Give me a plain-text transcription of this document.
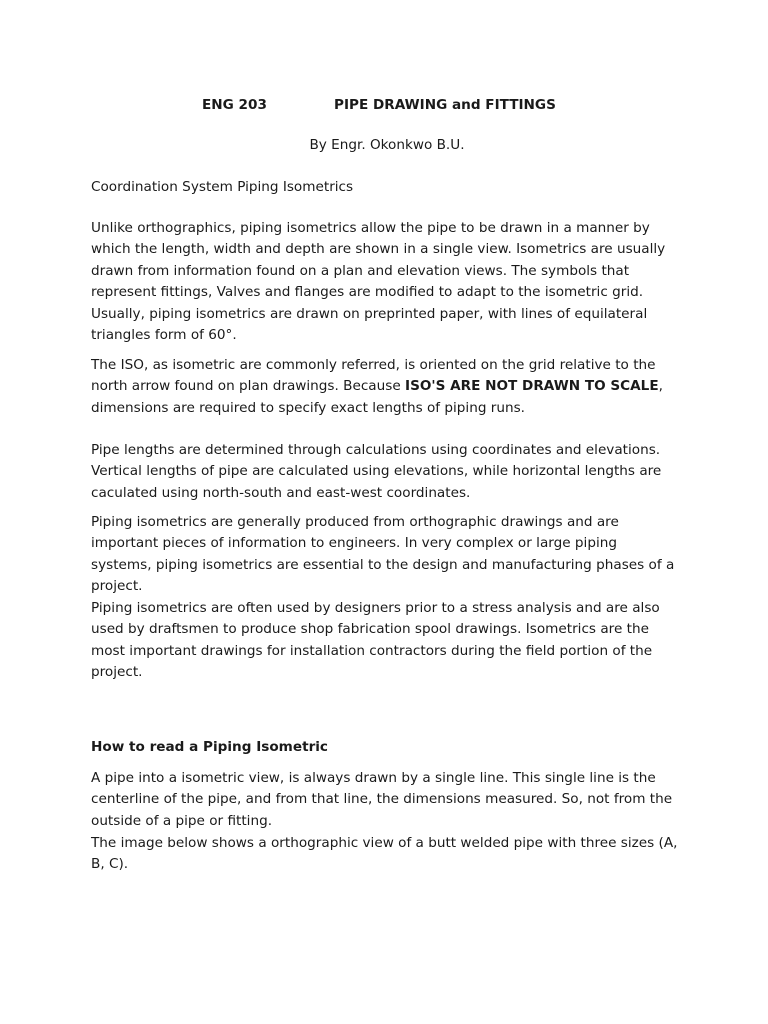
ENG 203	PIPE DRAWING and FITTINGS
By Engr. Okonkwo B.U.

Coordination System Piping Isometrics

Unlike orthographics, piping isometrics allow the pipe to be drawn in a manner by which the length, width and depth are shown in a single view. Isometrics are usually drawn from information found on a plan and elevation views. The symbols that represent fittings, Valves and flanges are modified to adapt to the isometric grid. Usually, piping isometrics are drawn on preprinted paper, with lines of equilateral triangles form of 60°.

The ISO, as isometric are commonly referred, is oriented on the grid relative to the north arrow found on plan drawings. Because ISO'S ARE NOT DRAWN TO SCALE, dimensions are required to specify exact lengths of piping runs.

Pipe lengths are determined through calculations using coordinates and elevations. Vertical lengths of pipe are calculated using elevations, while horizontal lengths are caculated using north-south and east-west coordinates.

Piping isometrics are generally produced from orthographic drawings and are important pieces of information to engineers. In very complex or large piping systems, piping isometrics are essential to the design and manufacturing phases of a project.

Piping isometrics are often used by designers prior to a stress analysis and are also used by draftsmen to produce shop fabrication spool drawings. Isometrics are the most important drawings for installation contractors during the field portion of the project.

How to read a Piping Isometric

A pipe into a isometric view, is always drawn by a single line. This single line is the centerline of the pipe, and from that line, the dimensions measured. So, not from the outside of a pipe or fitting.

The image below shows a orthographic view of a butt welded pipe with three sizes (A, B, C).
